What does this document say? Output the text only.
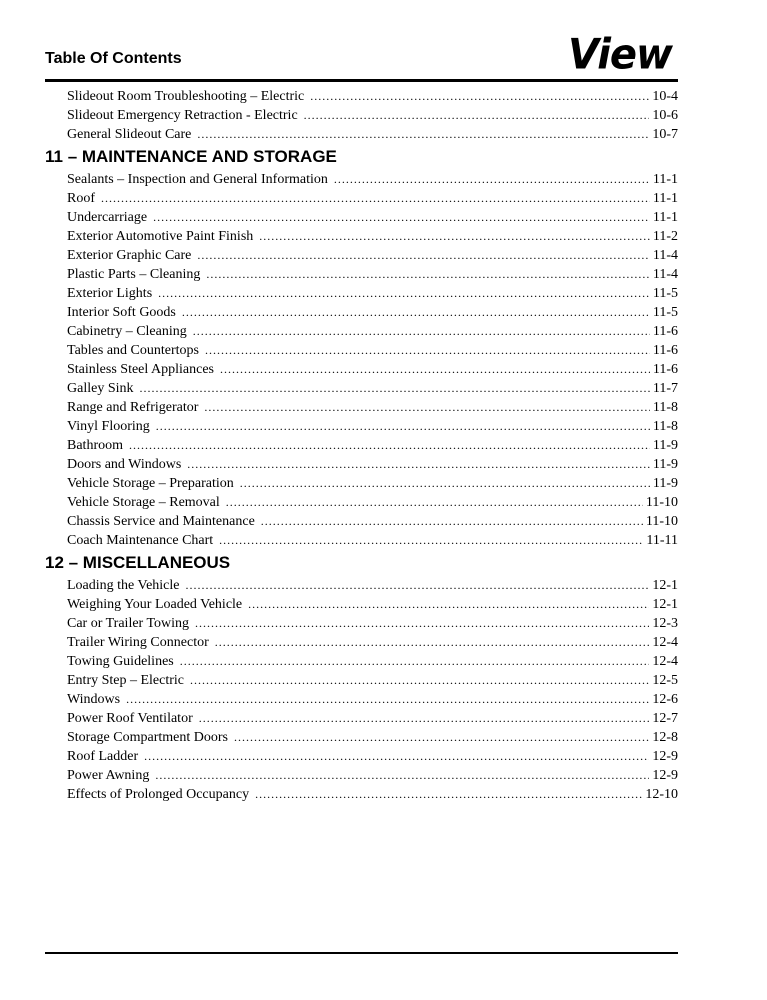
Table Of Contents	View
Slideout Room Troubleshooting – Electric .....	10-4
Slideout Emergency Retraction - Electric .....	10-6
General Slideout Care .....	10-7
11 – MAINTENANCE AND STORAGE
Sealants – Inspection and General Information .....	11-1
Roof .....	11-1
Undercarriage .....	11-1
Exterior Automotive Paint Finish .....	11-2
Exterior Graphic Care .....	11-4
Plastic Parts – Cleaning .....	11-4
Exterior Lights .....	11-5
Interior Soft Goods .....	11-5
Cabinetry – Cleaning .....	11-6
Tables and Countertops .....	11-6
Stainless Steel Appliances .....	11-6
Galley Sink .....	11-7
Range and Refrigerator .....	11-8
Vinyl Flooring .....	11-8
Bathroom .....	11-9
Doors and Windows .....	11-9
Vehicle Storage – Preparation .....	11-9
Vehicle Storage – Removal .....	11-10
Chassis Service and Maintenance .....	11-10
Coach Maintenance Chart .....	11-11
12 – MISCELLANEOUS
Loading the Vehicle .....	12-1
Weighing Your Loaded Vehicle .....	12-1
Car or Trailer Towing .....	12-3
Trailer Wiring Connector .....	12-4
Towing Guidelines .....	12-4
Entry Step – Electric .....	12-5
Windows .....	12-6
Power Roof Ventilator .....	12-7
Storage Compartment Doors .....	12-8
Roof Ladder .....	12-9
Power Awning .....	12-9
Effects of Prolonged Occupancy .....	12-10
